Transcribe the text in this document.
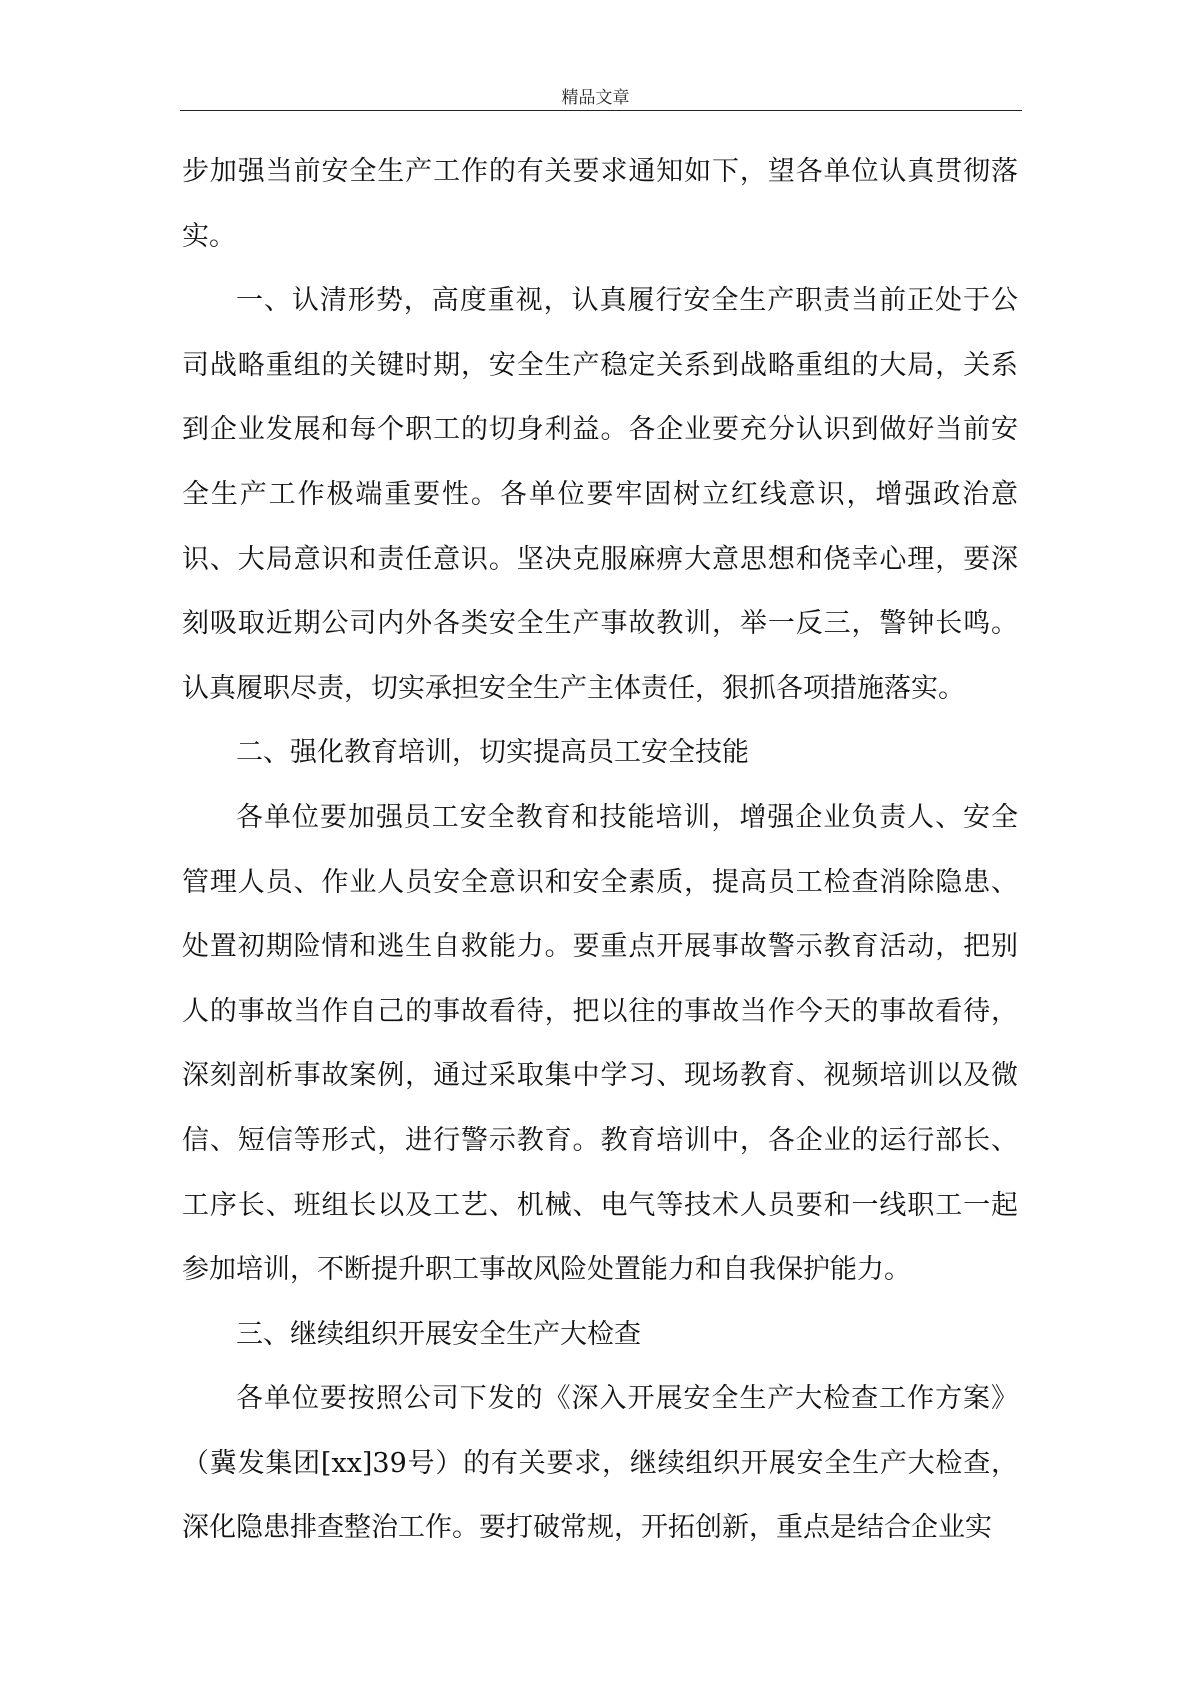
精品文章

步加强当前安全生产工作的有关要求通知如下，望各单位认真贯彻落实。

一、认清形势，高度重视，认真履行安全生产职责当前正处于公司战略重组的关键时期，安全生产稳定关系到战略重组的大局，关系到企业发展和每个职工的切身利益。各企业要充分认识到做好当前安全生产工作极端重要性。各单位要牢固树立红线意识，增强政治意识、大局意识和责任意识。坚决克服麻痹大意思想和侥幸心理，要深刻吸取近期公司内外各类安全生产事故教训，举一反三，警钟长鸣。认真履职尽责，切实承担安全生产主体责任，狠抓各项措施落实。

二、强化教育培训，切实提高员工安全技能

各单位要加强员工安全教育和技能培训，增强企业负责人、安全管理人员、作业人员安全意识和安全素质，提高员工检查消除隐患、处置初期险情和逃生自救能力。要重点开展事故警示教育活动，把别人的事故当作自己的事故看待，把以往的事故当作今天的事故看待，深刻剖析事故案例，通过采取集中学习、现场教育、视频培训以及微信、短信等形式，进行警示教育。教育培训中，各企业的运行部长、工序长、班组长以及工艺、机械、电气等技术人员要和一线职工一起参加培训，不断提升职工事故风险处置能力和自我保护能力。

三、继续组织开展安全生产大检查

各单位要按照公司下发的《深入开展安全生产大检查工作方案》（冀发集团[xx]39号）的有关要求，继续组织开展安全生产大检查，深化隐患排查整治工作。要打破常规，开拓创新，重点是结合企业实
